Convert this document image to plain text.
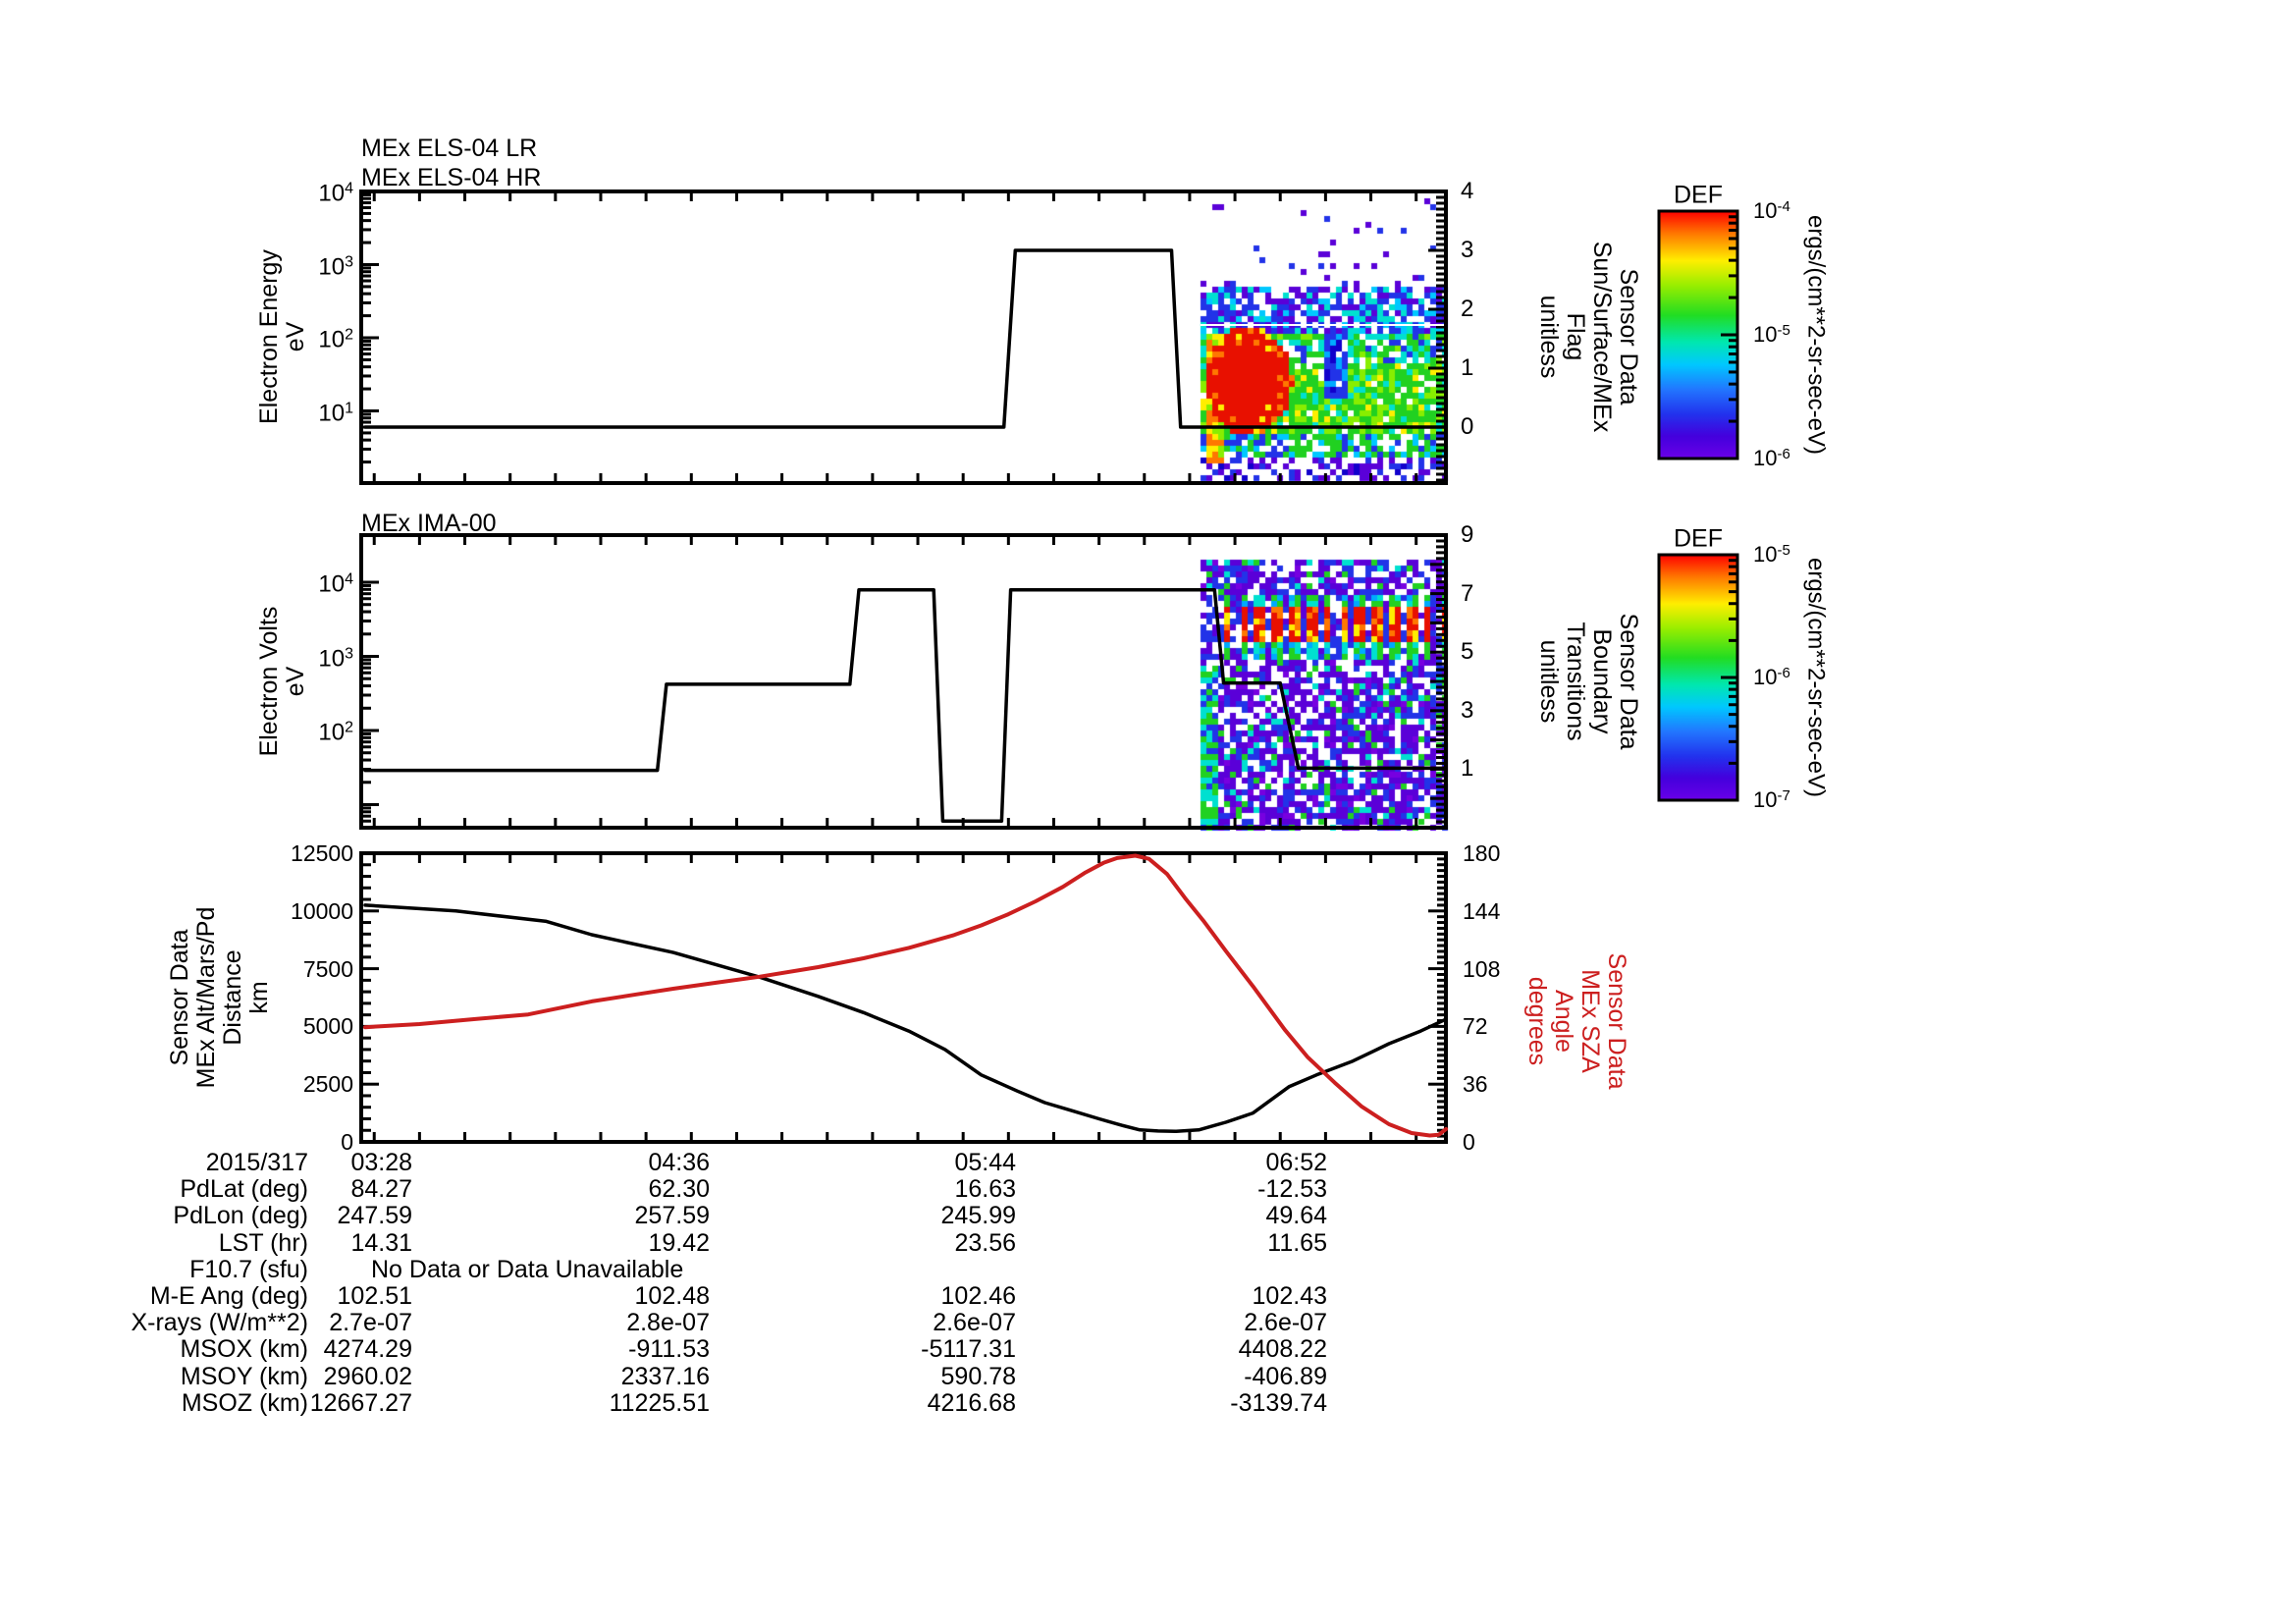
MEx ELS-04 LR
MEx ELS-04 HR
MEx IMA-00
DEF
DEF
ergs/(cm**2-sr-sec-eV)
ergs/(cm**2-sr-sec-eV)
$10^4$
$10^3$
$10^2$
$10^1$
$10^4$
$10^3$
$10^2$
4
3
2
1
0
9
7
5
3
1
12500
10000
7500
5000
2500
0
180
144
108
72
36
0
$10^{-4}$
$10^{-5}$
$10^{-6}$
$10^{-5}$
$10^{-6}$
$10^{-7}$
Electron Energy eV
Electron Volts eV
Sensor Data MEx Alt/Mars/Pd Distance km
Sensor Data
Sun/Surface/MEx
Flag
unitless
Sensor Data
Boundary
Transitions
unitless
Sensor Data
MEx SZA
Angle
degrees
2015/317	03:28	04:36	05:44	06:52
PdLat (deg)	84.27	62.30	16.63	-12.53
PdLon (deg)	247.59	257.59	245.99	49.64
LST (hr)	14.31	19.42	23.56	11.65
F10.7 (sfu)	No Data or Data Unavailable
M-E Ang (deg)	102.51	102.48	102.46	102.43
X-rays (W/m**2) 2.7e-07	2.8e-07	2.6e-07	2.6e-07
MSOX (km) 4274.29	-911.53	-5117.31	4408.22
MSOY (km) 2960.02	2337.16	590.78	-406.89
MSOZ (km) 12667.27	11225.51	4216.68	-3139.74
